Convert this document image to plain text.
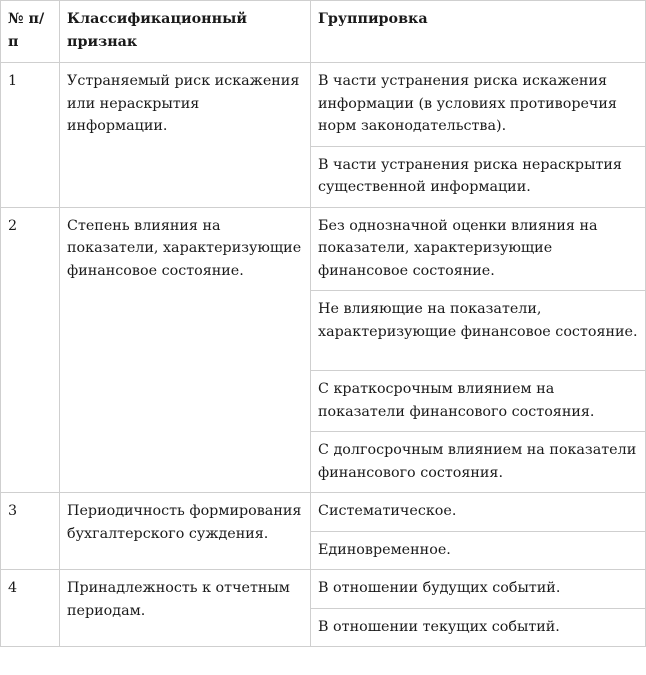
№ п/п	Классификационный признак	Группировка
1	Устраняемый риск искажения или нераскрытия информации.	В части устранения риска искажения информации (в условиях противоречия норм законодательства).
		В части устранения риска нераскрытия существенной информации.
2	Степень влияния на показатели, характеризующие финансовое состояние.	Без однозначной оценки влияния на показатели, характеризующие финансовое состояние.
		Не влияющие на показатели, характеризующие финансовое состояние.
		С краткосрочным влиянием на показатели финансового состояния.
		С долгосрочным влиянием на показатели финансового состояния.
3	Периодичность формирования бухгалтерского суждения.	Систематическое.
		Единовременное.
4	Принадлежность к отчетным периодам.	В отношении будущих событий.
		В отношении текущих событий.
